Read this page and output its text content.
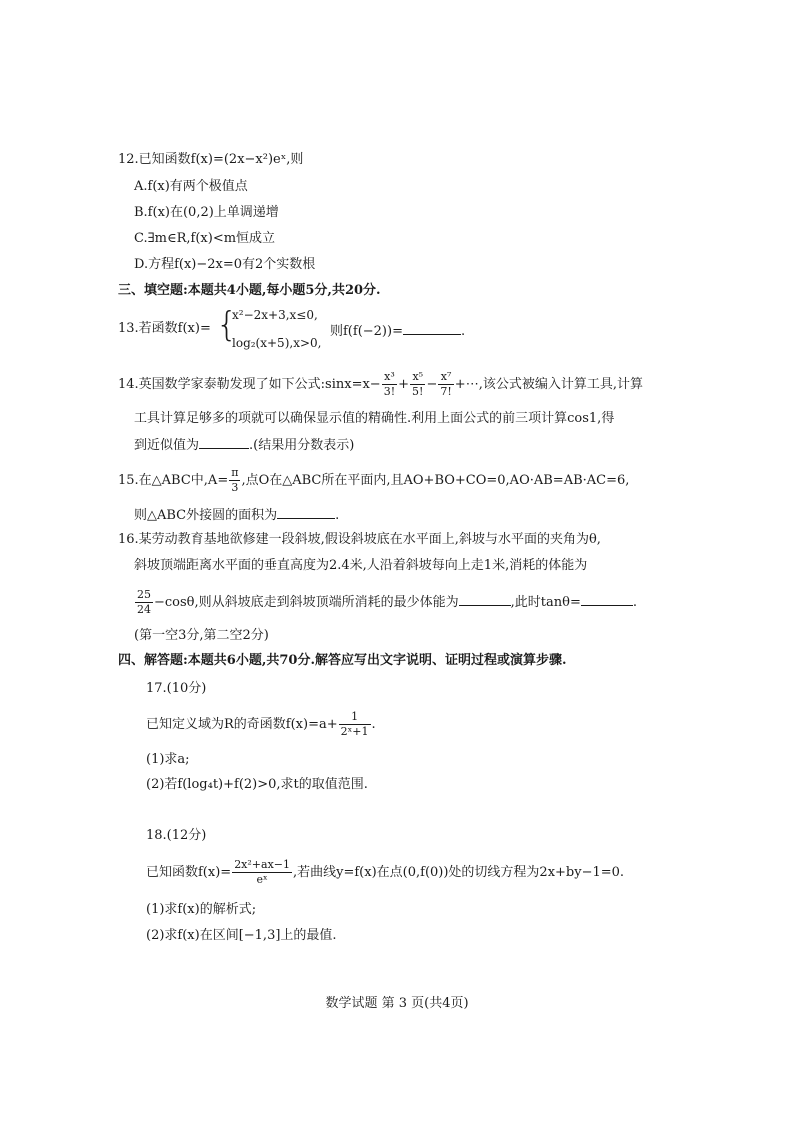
12.已知函数f(x)=(2x−x²)eˣ,则
A.f(x)有两个极值点
B.f(x)在(0,2)上单调递增
C.∃m∈R,f(x)<m恒成立
D.方程f(x)−2x=0有2个实数根
三、填空题:本题共4小题,每小题5分,共20分.
13.若函数f(x)= {
x²−2x+3,x≤0,
log₂(x+5),x>0,
则f(f(−2))=	.
14.英国数学家泰勒发现了如下公式:sinx=x− $\frac{\text{x³}}{3!} + \frac{\text{x⁵}}{5!} - \frac{\text{x⁷}}{7!}$ +⋯,该公式被编入计算工具,计算
工具计算足够多的项就可以确保显示值的精确性.利用上面公式的前三项计算cos1,得
到近似值为	.(结果用分数表示)
15.在△ABC中$,A= \frac{\pi}{3}$ ,点O在△ABC所在平面内,且AO+BO+CO=0,AO·AB=AB·AC=6,
则△ABC外接圆的面积为	.
16.某劳动教育基地欲修建一段斜坡,假设斜坡底在水平面上,斜坡与水平面的夹角为θ,
斜坡顶端距离水平面的垂直高度为2.4米,人沿着斜坡每向上走1米,消耗的体能为
$\frac{25}{24} -\cos\theta$,则从斜坡底走到斜坡顶端所消耗的最少体能为	,此时tanθ=	.
(第一空3分,第二空2分)
四、解答题:本题共6小题,共70分.解答应写出文字说明、证明过程或演算步骤.
17.(10分)
已知定义域为R的奇函数$f(x)=a+ \frac{1}{\text{2ˣ+1}}$ .
(1)求a;
(2)若f(log₄t)+f(2)>0,求t的取值范围.
18.(12分)
已知函数$f(x)= \frac{\text{2x²+ax−1}}{\text{eˣ}}$ ,若曲线y=f(x)在点(0,f(0))处的切线方程为2x+by−1=0.
(1)求f(x)的解析式;
(2)求f(x)在区间[−1,3]上的最值.
数学试题 第 3 页(共4页)
